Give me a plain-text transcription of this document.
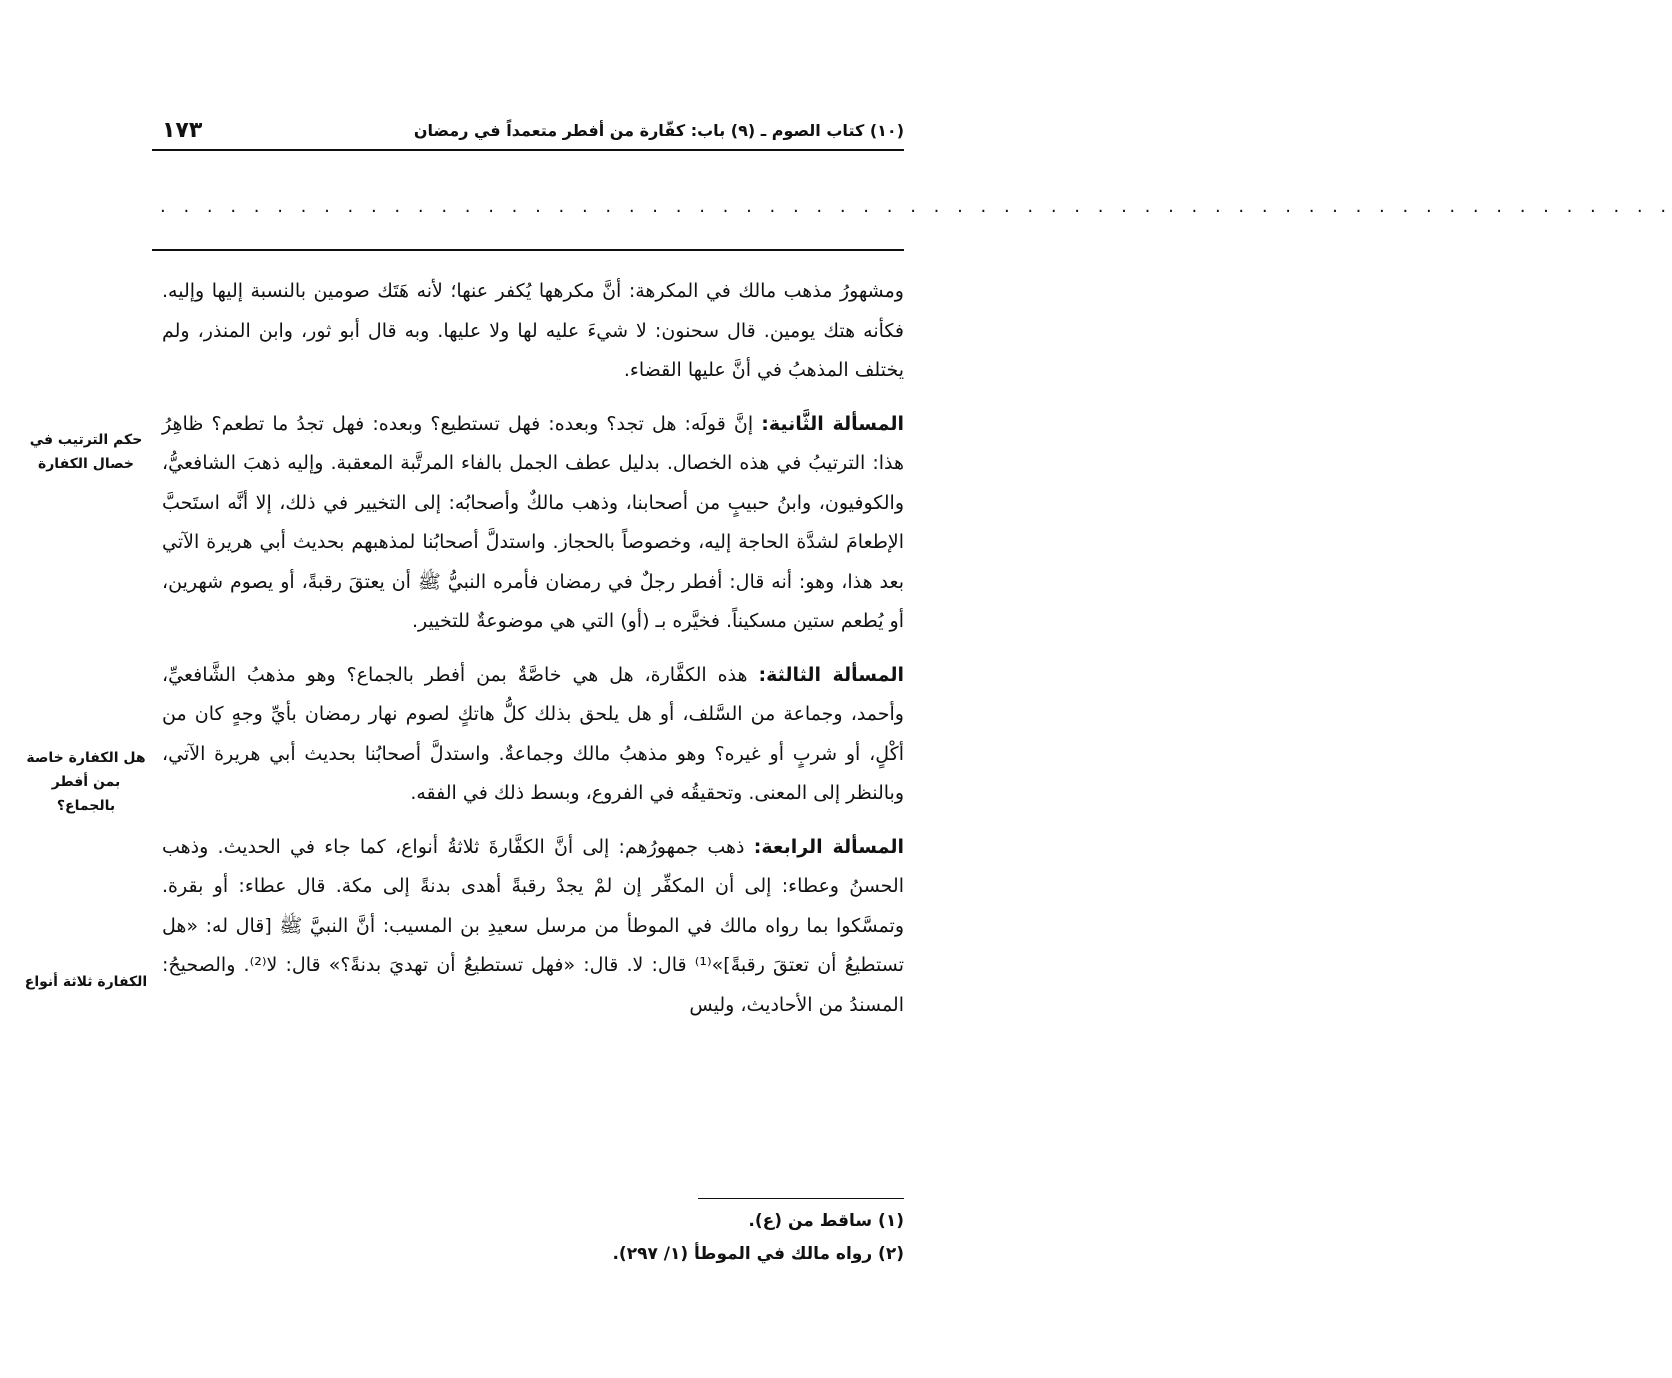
(١٠) كتاب الصوم ـ (٩) باب: كفّارة من أفطر متعمداً في رمضان
١٧٣
. . . . . . . . . . . . . . . . . . . . . . . . . . . . . . . . . . . . . . . . . . . . . . . . . . . . . . . . . . . . . . . . .

ومشهورُ مذهب مالك في المكرهة: أنَّ مكرهها يُكفر عنها؛ لأنه هَتَك صومين بالنسبة إليها وإليه. فكأنه هتك يومين. قال سحنون: لا شيءَ عليه لها ولا عليها. وبه قال أبو ثور، وابن المنذر، ولم يختلف المذهبُ في أنَّ عليها القضاء.

المسألة الثَّانية: إنَّ قولَه: هل تجد؟ وبعده: فهل تستطيع؟ وبعده: فهل تجدُ ما تطعم؟ ظاهِرُ هذا: الترتيبُ في هذه الخصال. بدليل عطف الجمل بالفاء المرتَّبة المعقبة. وإليه ذهبَ الشافعيُّ، والكوفيون، وابنُ حبيبٍ من أصحابنا، وذهب مالكٌ وأصحابُه: إلى التخيير في ذلك، إلا أنَّه استَحبَّ الإطعامَ لشدَّة الحاجة إليه، وخصوصاً بالحجاز. واستدلَّ أصحابُنا لمذهبهم بحديث أبي هريرة الآتي بعد هذا، وهو: أنه قال: أفطر رجلٌ في رمضان فأمره النبيُّ ﷺ أن يعتقَ رقبةً، أو يصوم شهرين، أو يُطعم ستين مسكيناً. فخيَّره بـ (أو) التي هي موضوعةٌ للتخيير.

المسألة الثالثة: هذه الكفَّارة، هل هي خاصَّةٌ بمن أفطر بالجماع؟ وهو مذهبُ الشَّافعيِّ، وأحمد، وجماعة من السَّلف، أو هل يلحق بذلك كلُّ هاتكٍ لصوم نهار رمضان بأيِّ وجهٍ كان من أكْلٍ، أو شربٍ أو غيره؟ وهو مذهبُ مالك وجماعةٌ. واستدلَّ أصحابُنا بحديث أبي هريرة الآتي، وبالنظر إلى المعنى. وتحقيقُه في الفروع، وبسط ذلك في الفقه.

المسألة الرابعة: ذهب جمهورُهم: إلى أنَّ الكفَّارةَ ثلاثةُ أنواع، كما جاء في الحديث. وذهب الحسنُ وعطاء: إلى أن المكفِّر إن لمْ يجدْ رقبةً أهدى بدنةً إلى مكة. قال عطاء: أو بقرة. وتمسَّكوا بما رواه مالك في الموطأ من مرسل سعيدِ بن المسيب: أنَّ النبيَّ ﷺ [قال له: «هل تستطيعُ أن تعتقَ رقبةً]»⁽¹⁾ قال: لا. قال: «فهل تستطيعُ أن تهديَ بدنةً؟» قال: لا⁽²⁾. والصحيحُ: المسندُ من الأحاديث، وليس

حكم الترتيب في خصال الكفارة
هل الكفارة خاصة بمن أفطر بالجماع؟
الكفارة ثلاثة أنواع

(١) ساقط من (ع).

(٢) رواه مالك في الموطأ (١/ ٢٩٧).
